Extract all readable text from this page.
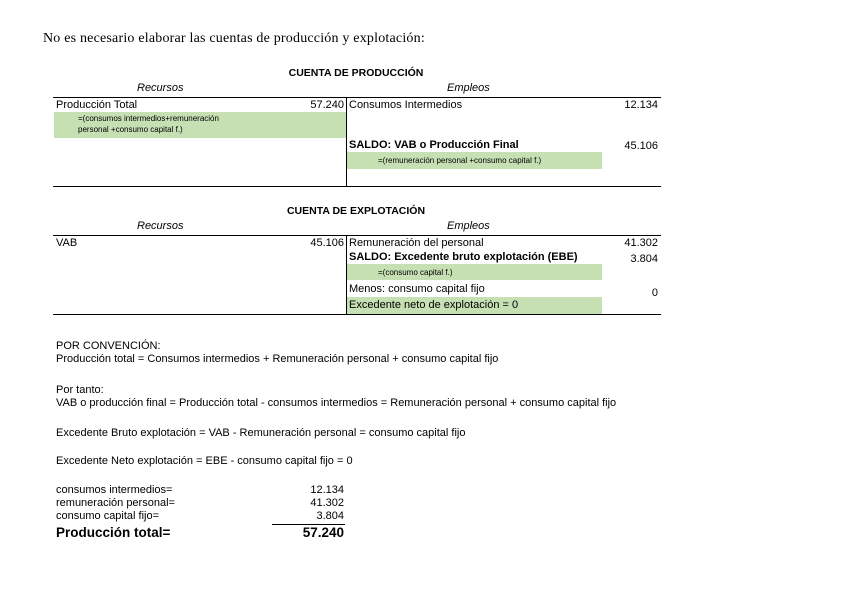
No es necesario elaborar las cuentas de producción y explotación:
CUENTA DE PRODUCCIÓN
Recursos	Empleos
Producción Total	57.240
=(consumos intermedios+remuneración
personal +consumo capital f.)
Consumos Intermedios	12.134
SALDO: VAB o Producción Final	45.106
=(remuneración personal +consumo capital f.)
CUENTA DE EXPLOTACIÓN
Recursos	Empleos
VAB	45.106 Remuneración del personal	41.302
SALDO: Excedente bruto explotación (EBE)	3.804
=(consumo capital f.)
Menos: consumo capital fijo	0
Excedente neto de explotación = 0
POR CONVENCIÓN:
Producción total = Consumos intermedios + Remuneración personal + consumo capital fijo
Por tanto:
VAB o producción final = Producción total - consumos intermedios = Remuneración personal + consumo capital fijo
Excedente Bruto explotación = VAB - Remuneración personal = consumo capital fijo
Excedente Neto explotación = EBE - consumo capital fijo = 0
consumos intermedios=	12.134
remuneración personal=	41.302
consumo capital fijo=	3.804
Producción total=	57.240
